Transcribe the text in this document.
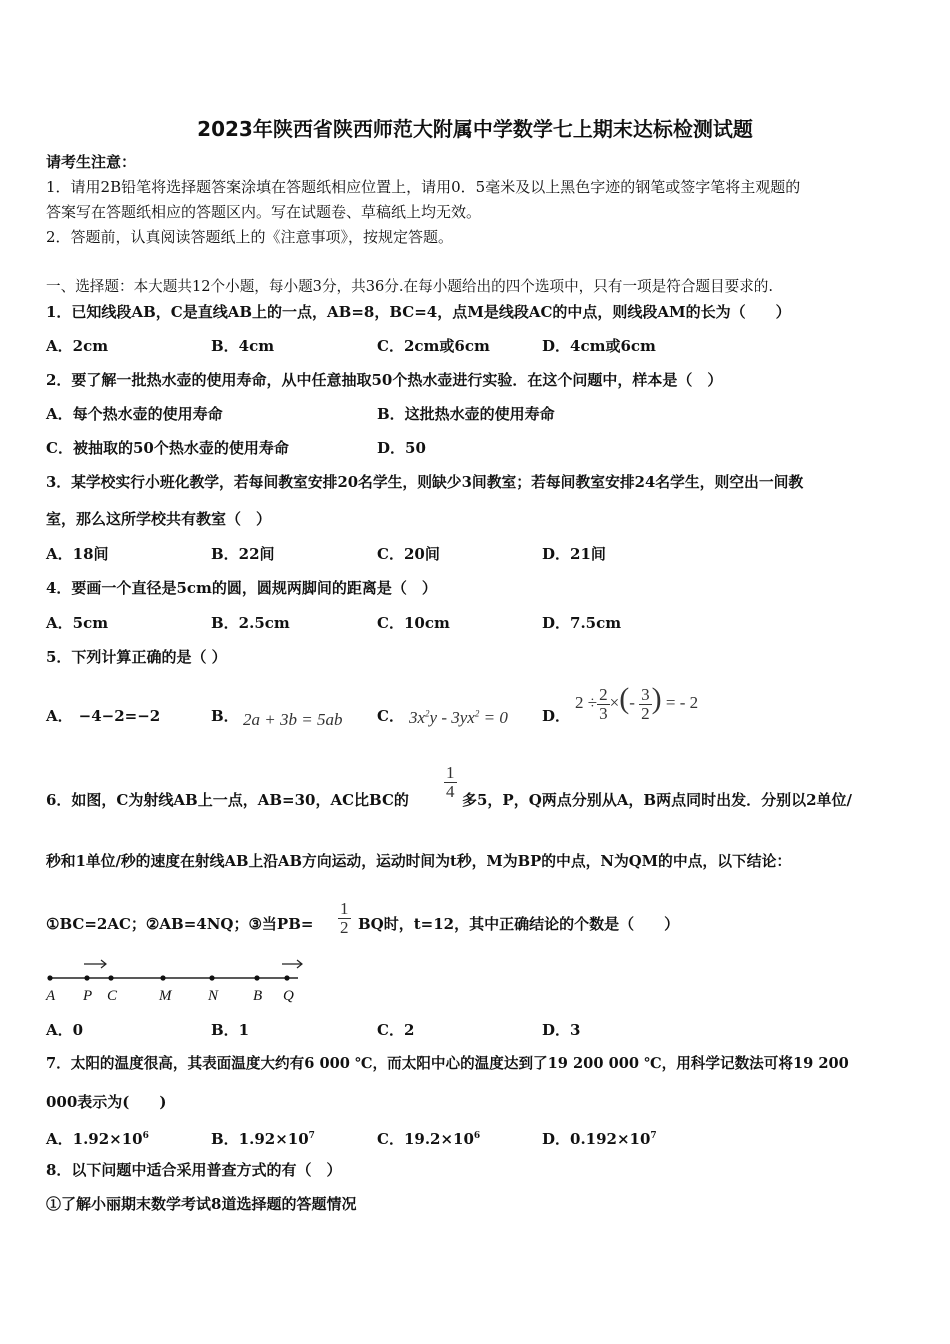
2023年陕西省陕西师范大附属中学数学七上期末达标检测试题
请考生注意：
1．请用2B铅笔将选择题答案涂填在答题纸相应位置上，请用0．5毫米及以上黑色字迹的钢笔或签字笔将主观题的
答案写在答题纸相应的答题区内。写在试题卷、草稿纸上均无效。
2．答题前，认真阅读答题纸上的《注意事项》，按规定答题。
一、选择题：本大题共12个小题，每小题3分，共36分.在每小题给出的四个选项中，只有一项是符合题目要求的.
1．已知线段AB，C是直线AB上的一点，AB=8，BC=4，点M是线段AC的中点，则线段AM的长为（　　）
A．2cm	B．4cm	C．2cm或6cm	D．4cm或6cm
2．要了解一批热水壶的使用寿命，从中任意抽取50个热水壶进行实验．在这个问题中，样本是（　）
A．每个热水壶的使用寿命	B．这批热水壶的使用寿命
C．被抽取的50个热水壶的使用寿命	D．50
3．某学校实行小班化教学，若每间教室安排20名学生，则缺少3间教室；若每间教室安排24名学生，则空出一间教
室，那么这所学校共有教室（　）
A．18间	B．22间	C．20间	D．21间
4．要画一个直径是5cm的圆，圆规两脚间的距离是（　）
A．5cm	B．2.5cm	C．10cm	D．7.5cm
5．下列计算正确的是（ ）
A． −4−2=−2	B． 2a + 3b = 5ab C． $3x^2y - 3yx^2 = 0$ D．
$2 \div \frac{2}{3}$ ×(- $\frac{3}{2}$ ) = - 2
6．如图，C为射线AB上一点，AB=30，AC比BC的 $\frac{1}{4}$ 多5，P，Q两点分别从A，B两点同时出发．分别以2单位/
秒和1单位/秒的速度在射线AB上沿AB方向运动，运动时间为t秒，M为BP的中点，N为QM的中点，以下结论：
①BC=2AC；②AB=4NQ；③当$PB= \frac{1}{2}$ BQ时，t=12，其中正确结论的个数是（　　）
A P C	M N B Q
A．0	B．1	C．2	D．3
7．太阳的温度很高，其表面温度大约有6 000 ℃，而太阳中心的温度达到了19 200 000 ℃，用科学记数法可将19 200
000表示为(　　)
A．$1.92\times 10^6$	B．$1.92\times 10^7$	C．$19.2\times 10^6$	D．$0.192\times 10^7$
8．以下问题中适合采用普查方式的有（　）
①了解小丽期末数学考试8道选择题的答题情况
